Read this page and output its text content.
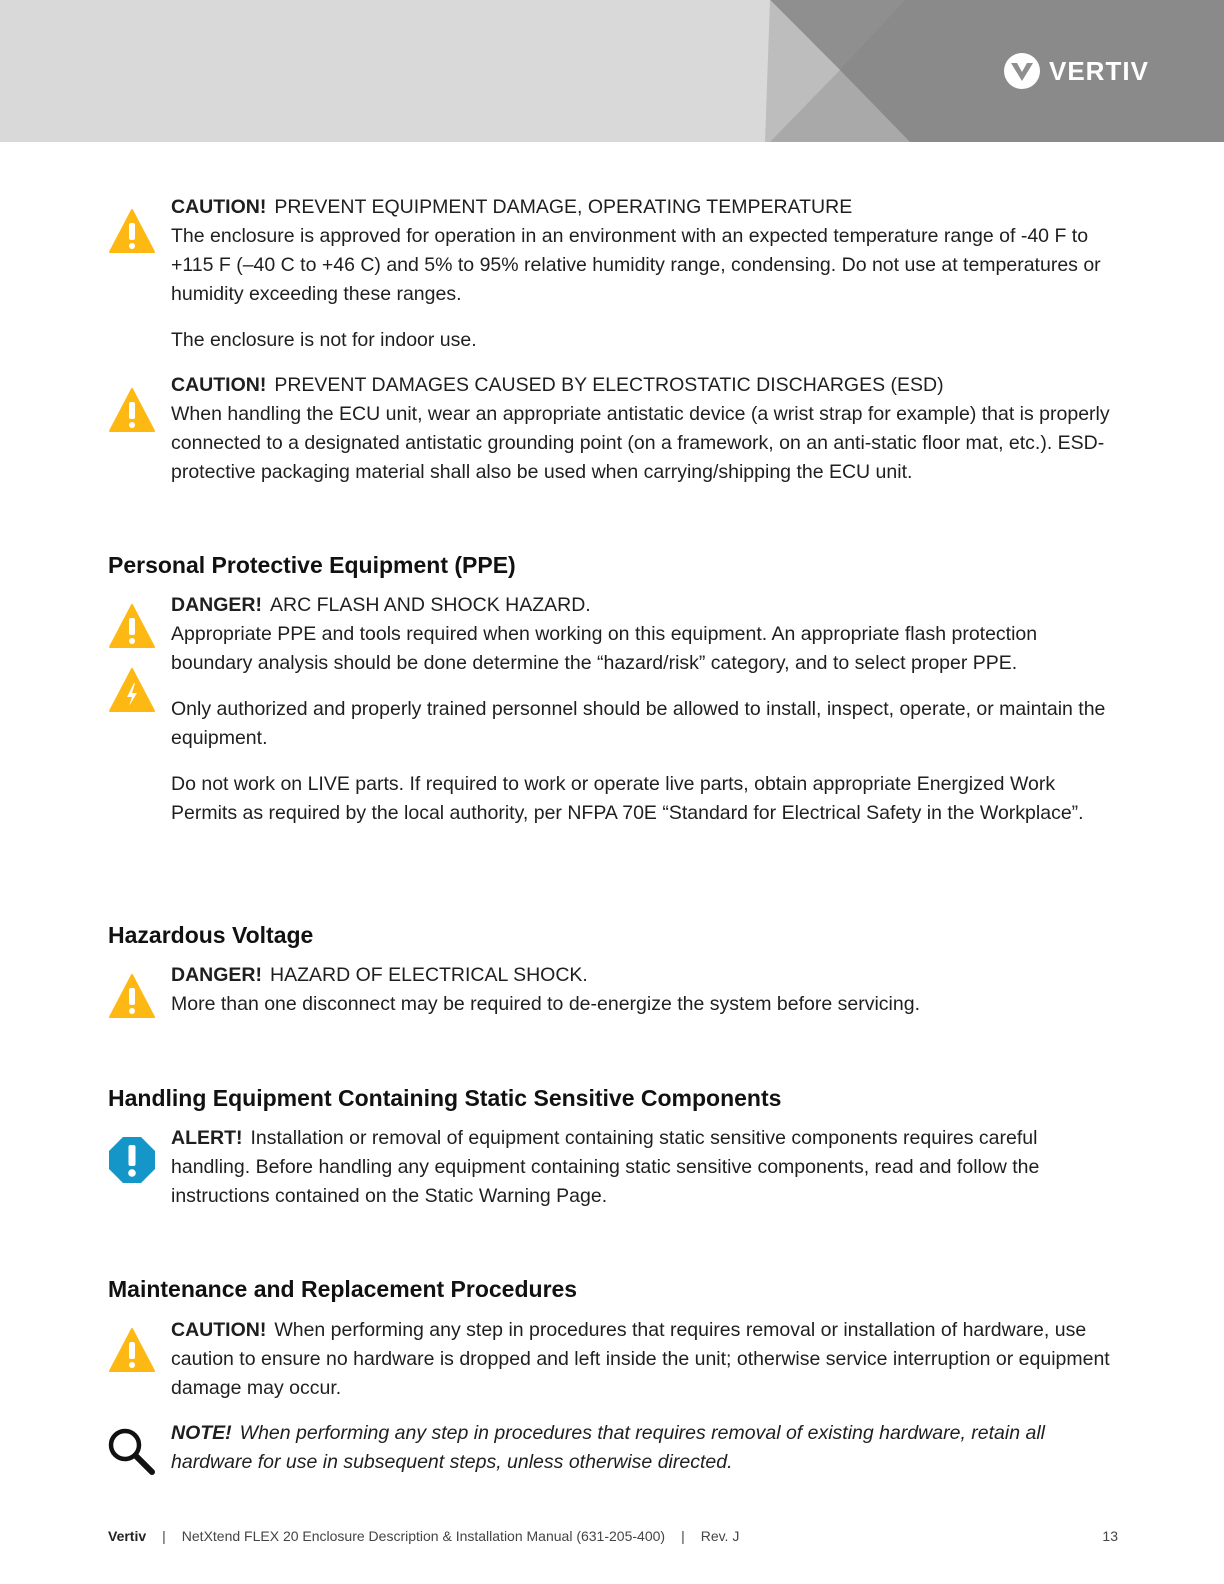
VERTIV

CAUTION! PREVENT EQUIPMENT DAMAGE, OPERATING TEMPERATURE

The enclosure is approved for operation in an environment with an expected temperature range of -40 F to +115 F (–40 C to +46 C) and 5% to 95% relative humidity range, condensing. Do not use at temperatures or humidity exceeding these ranges.

The enclosure is not for indoor use.

CAUTION! PREVENT DAMAGES CAUSED BY ELECTROSTATIC DISCHARGES (ESD)

When handling the ECU unit, wear an appropriate antistatic device (a wrist strap for example) that is properly connected to a designated antistatic grounding point (on a framework, on an anti-static floor mat, etc.). ESD-protective packaging material shall also be used when carrying/shipping the ECU unit.

Personal Protective Equipment (PPE)

DANGER! ARC FLASH AND SHOCK HAZARD.

Appropriate PPE and tools required when working on this equipment. An appropriate flash protection boundary analysis should be done determine the “hazard/risk” category, and to select proper PPE.

Only authorized and properly trained personnel should be allowed to install, inspect, operate, or maintain the equipment.

Do not work on LIVE parts. If required to work or operate live parts, obtain appropriate Energized Work Permits as required by the local authority, per NFPA 70E “Standard for Electrical Safety in the Workplace”.

Hazardous Voltage

DANGER! HAZARD OF ELECTRICAL SHOCK.

More than one disconnect may be required to de-energize the system before servicing.

Handling Equipment Containing Static Sensitive Components

ALERT! Installation or removal of equipment containing static sensitive components requires careful handling. Before handling any equipment containing static sensitive components, read and follow the instructions contained on the Static Warning Page.

Maintenance and Replacement Procedures

CAUTION! When performing any step in procedures that requires removal or installation of hardware, use caution to ensure no hardware is dropped and left inside the unit; otherwise service interruption or equipment damage may occur.

NOTE! When performing any step in procedures that requires removal of existing hardware, retain all hardware for use in subsequent steps, unless otherwise directed.

Vertiv | NetXtend FLEX 20 Enclosure Description & Installation Manual (631-205-400) | Rev. J	13
